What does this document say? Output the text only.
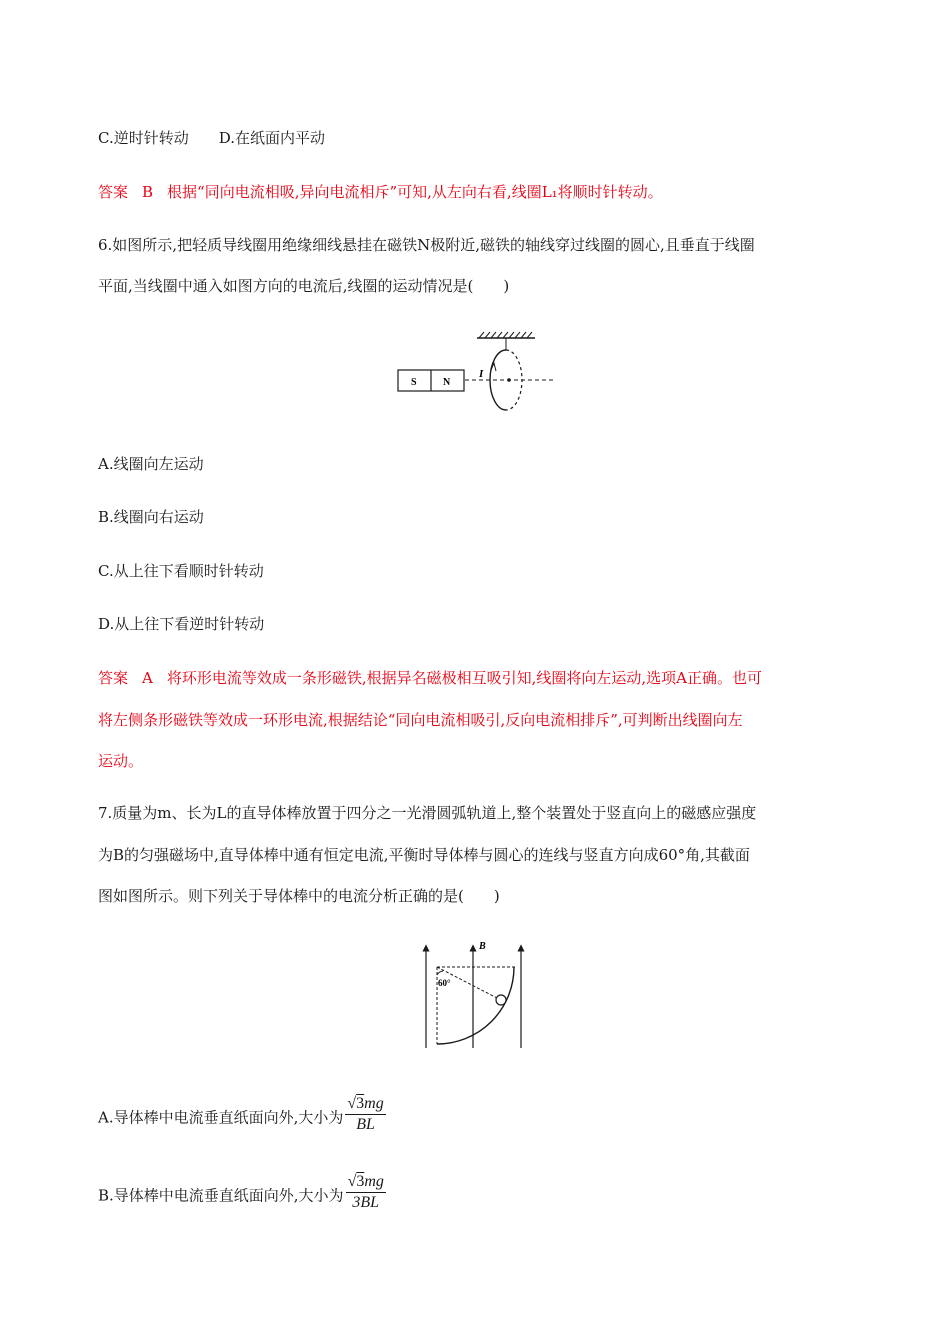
C.逆时针转动 D.在纸面内平动
答案 B 根据“同向电流相吸,异向电流相斥”可知,从左向右看,线圈L₁将顺时针转动。
6.如图所示,把轻质导线圈用绝缘细线悬挂在磁铁N极附近,磁铁的轴线穿过线圈的圆心,且垂直于线圈
平面,当线圈中通入如图方向的电流后,线圈的运动情况是(　　)
S	N
I
A.线圈向左运动
B.线圈向右运动
C.从上往下看顺时针转动
D.从上往下看逆时针转动
答案 A 将环形电流等效成一条形磁铁,根据异名磁极相互吸引知,线圈将向左运动,选项A正确。也可
将左侧条形磁铁等效成一环形电流,根据结论“同向电流相吸引,反向电流相排斥”,可判断出线圈向左
运动。
7.质量为m、长为L的直导体棒放置于四分之一光滑圆弧轨道上,整个装置处于竖直向上的磁感应强度
为B的匀强磁场中,直导体棒中通有恒定电流,平衡时导体棒与圆心的连线与竖直方向成60°角,其截面
图如图所示。则下列关于导体棒中的电流分析正确的是(　　)
B
60°
A.导体棒中电流垂直纸面向外,大小为 $\frac{√3mg}{BL}$
B.导体棒中电流垂直纸面向外,大小为 $\frac{√3mg}{3BL}$
